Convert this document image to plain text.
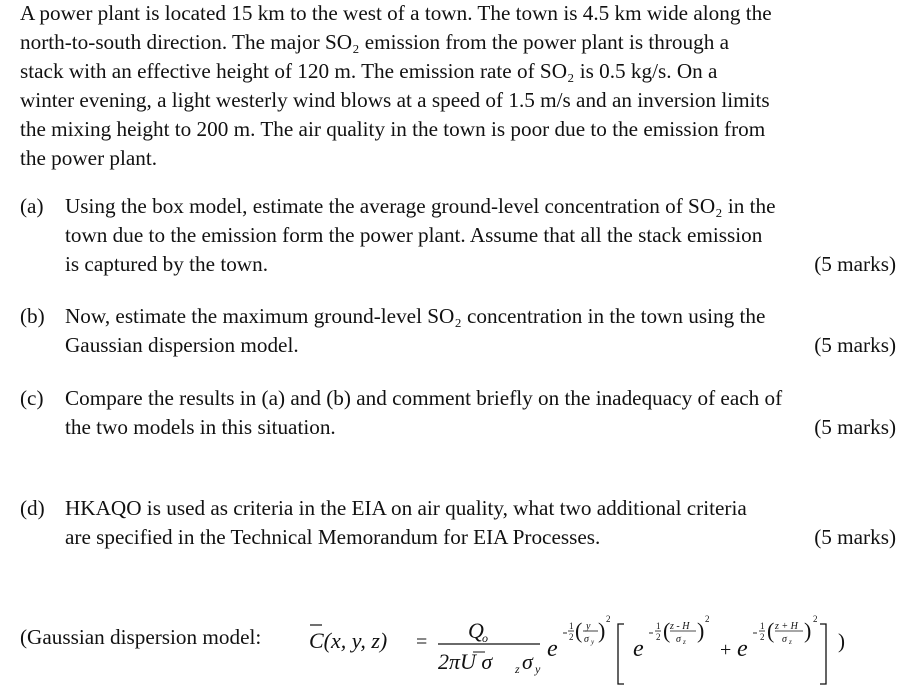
A power plant is located 15 km to the west of a town. The town is 4.5 km wide along the
north-to-south direction. The major SO₂ emission from the power plant is through a
stack with an effective height of 120 m. The emission rate of SO₂ is 0.5 kg/s. On a
winter evening, a light westerly wind blows at a speed of 1.5 m/s and an inversion limits
the mixing height to 200 m. The air quality in the town is poor due to the emission from
the power plant.
(a) Using the box model, estimate the average ground-level concentration of SO₂ in the
town due to the emission form the power plant. Assume that all the stack emission
is captured by the town.	(5 marks)
(b) Now, estimate the maximum ground-level SO₂ concentration in the town using the
Gaussian dispersion model.	(5 marks)
(c) Compare the results in (a) and (b) and comment briefly on the inadequacy of each of
the two models in this situation.	(5 marks)
(d) HKAQO is used as criteria in the EIA on air quality, what two additional criteria
are specified in the Technical Memorandum for EIA Processes.	(5 marks)
(Gaussian dispersion model: C(x, y, z) = Q
o
2πU σ z σ y
e
1
2 ( y
σ y ) 2
e
1
2 ( z - H
σ z ) 2
+ e
1
2 ( z + H
σ z ) 2
)
